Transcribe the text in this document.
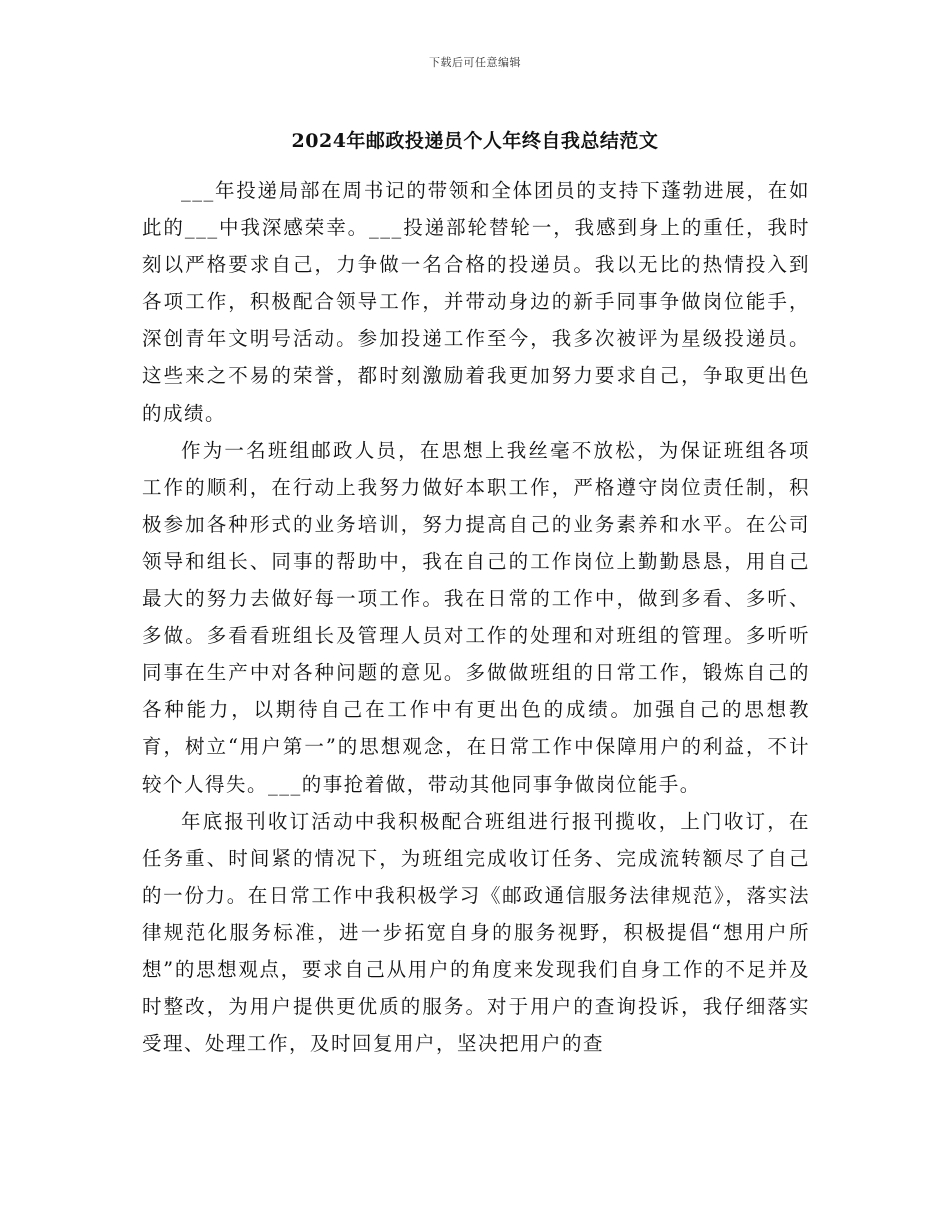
下载后可任意编辑
2024年邮政投递员个人年终自我总结范文

___年投递局部在周书记的带领和全体团员的支持下蓬勃进展，在如此的___中我深感荣幸。___投递部轮替轮一，我感到身上的重任，我时刻以严格要求自己，力争做一名合格的投递员。我以无比的热情投入到各项工作，积极配合领导工作，并带动身边的新手同事争做岗位能手，深创青年文明号活动。参加投递工作至今，我多次被评为星级投递员。这些来之不易的荣誉，都时刻激励着我更加努力要求自己，争取更出色的成绩。

作为一名班组邮政人员，在思想上我丝毫不放松，为保证班组各项工作的顺利，在行动上我努力做好本职工作，严格遵守岗位责任制，积极参加各种形式的业务培训，努力提高自己的业务素养和水平。在公司领导和组长、同事的帮助中，我在自己的工作岗位上勤勤恳恳，用自己最大的努力去做好每一项工作。我在日常的工作中，做到多看、多听、多做。多看看班组长及管理人员对工作的处理和对班组的管理。多听听同事在生产中对各种问题的意见。多做做班组的日常工作，锻炼自己的各种能力，以期待自己在工作中有更出色的成绩。加强自己的思想教育，树立“用户第一”的思想观念，在日常工作中保障用户的利益，不计较个人得失。___的事抢着做，带动其他同事争做岗位能手。

年底报刊收订活动中我积极配合班组进行报刊揽收，上门收订，在任务重、时间紧的情况下，为班组完成收订任务、完成流转额尽了自己的一份力。在日常工作中我积极学习《邮政通信服务法律规范》，落实法律规范化服务标准，进一步拓宽自身的服务视野，积极提倡“想用户所想”的思想观点，要求自己从用户的角度来发现我们自身工作的不足并及时整改，为用户提供更优质的服务。对于用户的查询投诉，我仔细落实受理、处理工作，及时回复用户，坚决把用户的查
